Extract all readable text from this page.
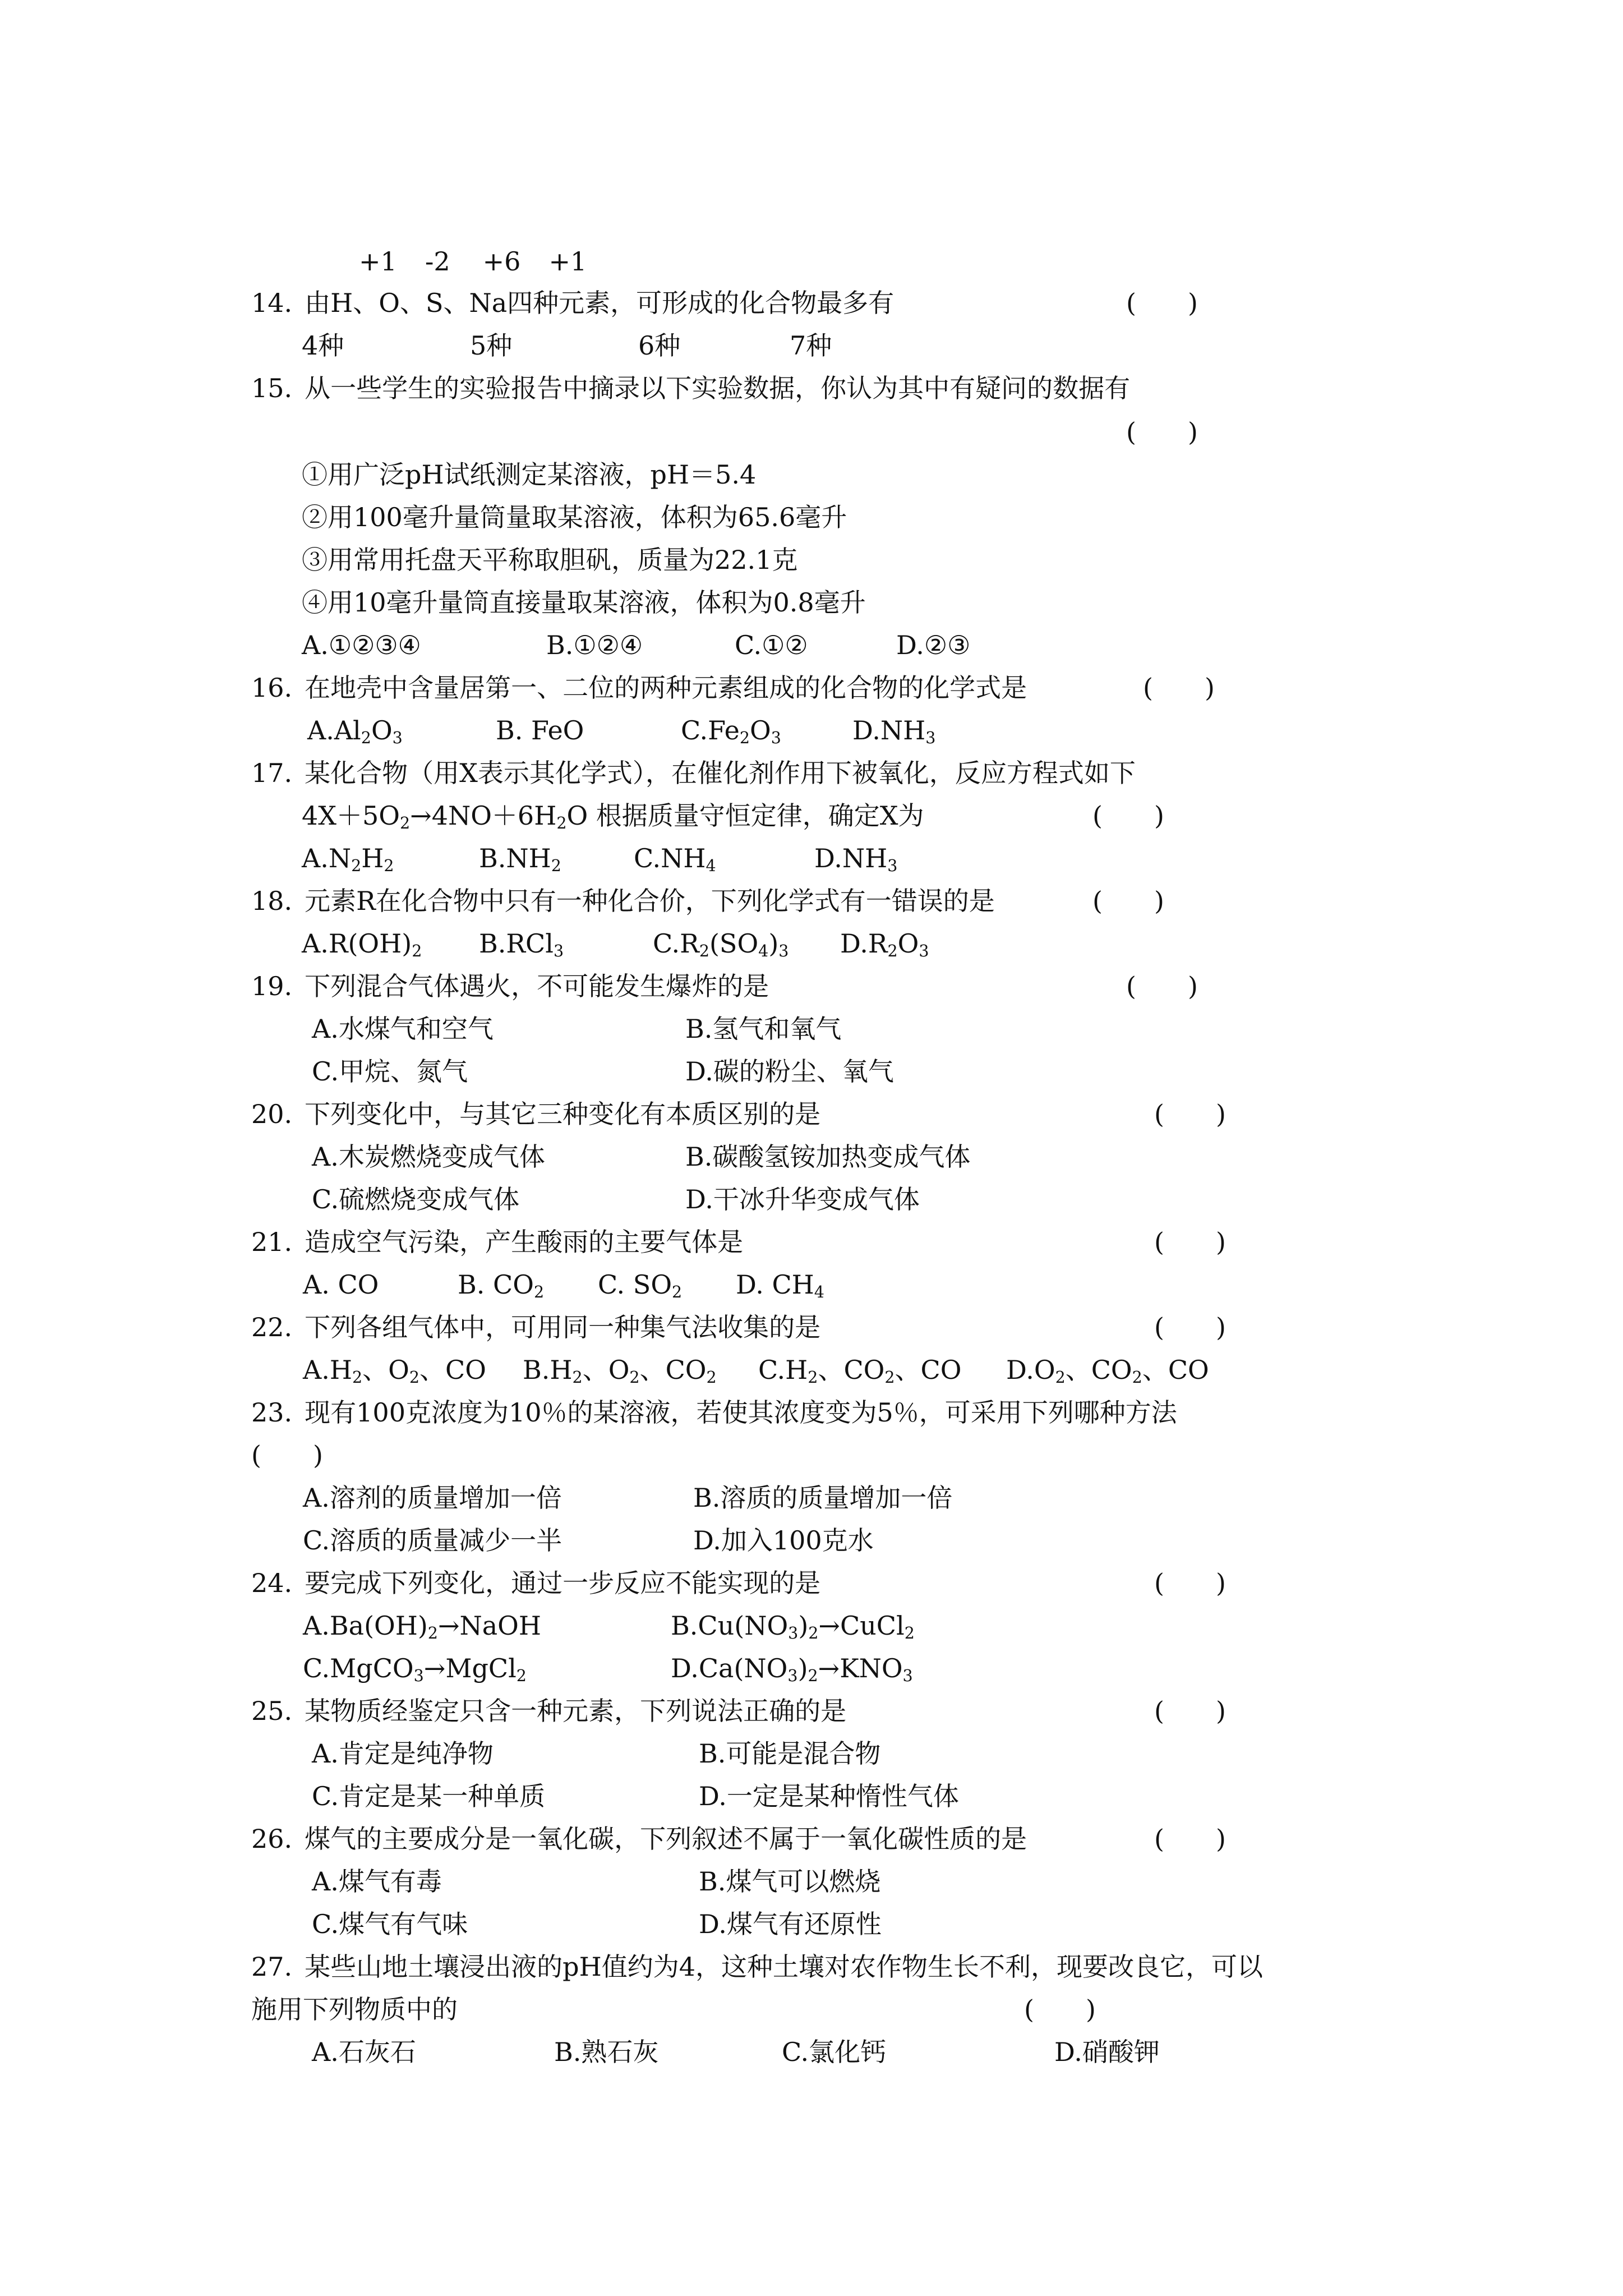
+1 -2 +6 +1
14. 由H、O、S、Na四种元素，可形成的化合物最多有	(　　)
4种	5种	6种	7种
15. 从一些学生的实验报告中摘录以下实验数据，你认为其中有疑问的数据有
(　　)
①用广泛pH试纸测定某溶液，pH＝5.4
②用100毫升量筒量取某溶液，体积为65.6毫升
③用常用托盘天平称取胆矾，质量为22.1克
④用10毫升量筒直接量取某溶液，体积为0.8毫升
A.①②③④	B.①②④	C.①②	D.②③
16. 在地壳中含量居第一、二位的两种元素组成的化合物的化学式是	(　　)
$A.Al_2O_3$	B. FeO	$C.Fe_2O_3$	$D.NH_3$
17. 某化合物（用X表示其化学式），在催化剂作用下被氧化，反应方程式如下
$4X+5O_2\to 4NO+6H_2O$ 根据质量守恒定律，确定X为	(　　)
$A.N_2H_2$	$B.NH_2$	$C.NH_4$	$D.NH_3$
18. 元素R在化合物中只有一种化合价，下列化学式有一错误的是	(　　)
$A.R(OH)_2$ B.RCl$_3$	$C.R_2(SO_4)_3$ $D.R_2O_3$
19. 下列混合气体遇火，不可能发生爆炸的是	(　　)
A.水煤气和空气	B.氢气和氧气
C.甲烷、氮气	D.碳的粉尘、氧气
20. 下列变化中，与其它三种变化有本质区别的是	(　　)
A.木炭燃烧变成气体	B.碳酸氢铵加热变成气体
C.硫燃烧变成气体	D.干冰升华变成气体
21. 造成空气污染，产生酸雨的主要气体是	(　　)
A. CO	B. $CO_2$ C. $SO_2$ D. $CH_4$
22. 下列各组气体中，可用同一种集气法收集的是	(　　)
$A.H_2$、$O_2$、CO $B.H_2$、$O_2$、$CO_2$ $C.H_2$、$CO_2$、CO $D.O_2$、$CO_2$、CO
23. 现有100克浓度为10％的某溶液，若使其浓度变为5％，可采用下列哪种方法
(　　)
A.溶剂的质量增加一倍	B.溶质的质量增加一倍
C.溶质的质量减少一半	D.加入100克水
24. 要完成下列变化，通过一步反应不能实现的是	(　　)
$A.Ba(OH)_2\to NaOH$	$B.Cu(NO_3)_2\to CuCl_2$
C.MgCO$_3$→MgCl$_2$	$D.Ca(NO_3)_2\to KNO_3$
25. 某物质经鉴定只含一种元素，下列说法正确的是	(　　)
A.肯定是纯净物	B.可能是混合物
C.肯定是某一种单质	D.一定是某种惰性气体
26. 煤气的主要成分是一氧化碳，下列叙述不属于一氧化碳性质的是	(　　)
A.煤气有毒	B.煤气可以燃烧
C.煤气有气味	D.煤气有还原性
27. 某些山地土壤浸出液的pH值约为4，这种土壤对农作物生长不利，现要改良它，可以
施用下列物质中的	(　　)
A.石灰石	B.熟石灰	C.氯化钙	D.硝酸钾
